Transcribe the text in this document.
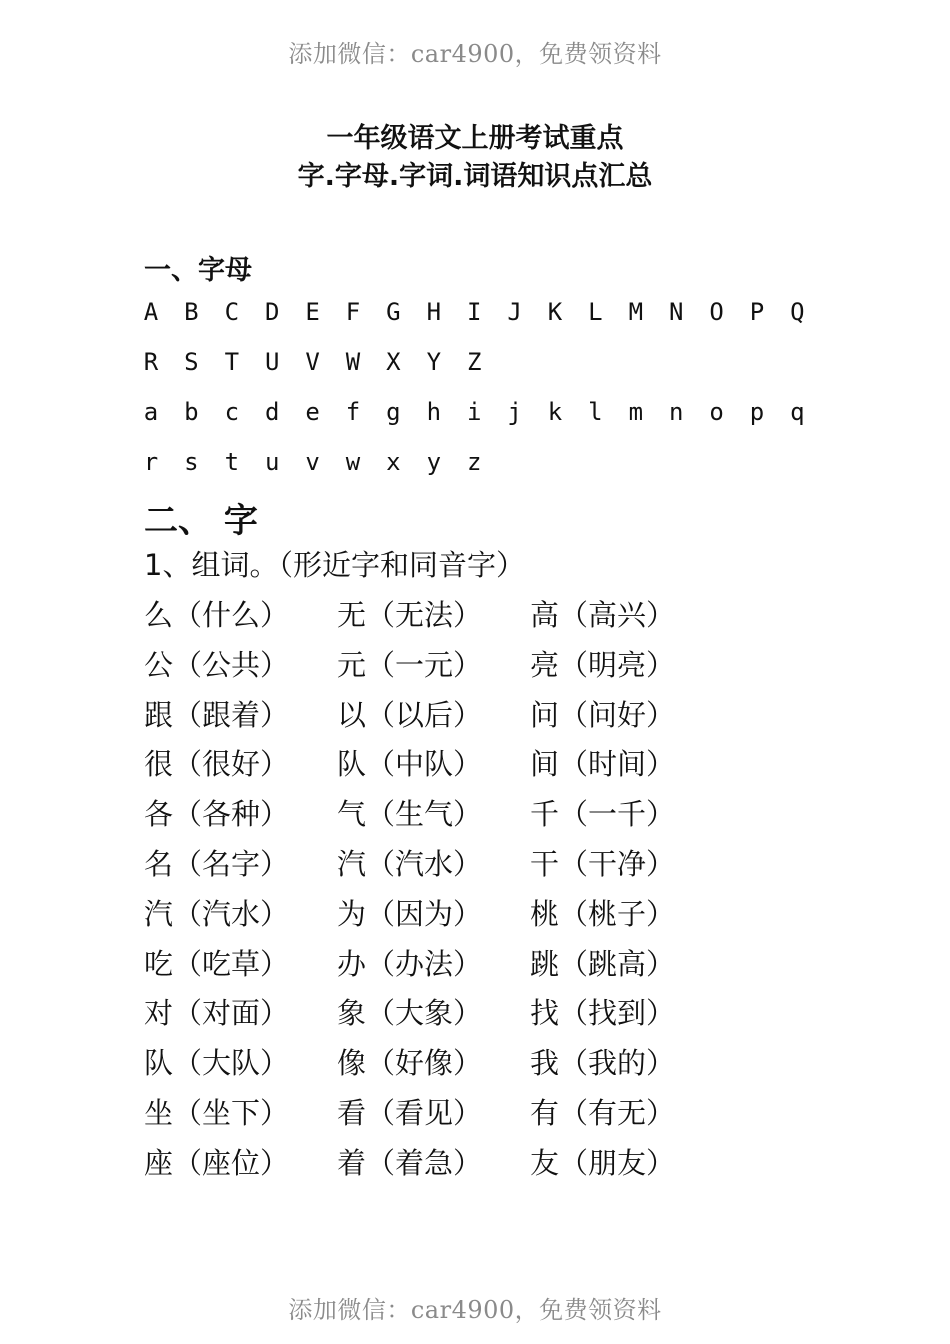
添加微信：car4900，免费领资料
一年级语文上册考试重点
字.字母.字词.词语知识点汇总
一、字母
A	B	C	D	E	F	G	H	I	J	K	L	M	N	O	P	Q
R	S	T	U	V	W	X	Y	Z
a	b	c	d	e	f	g	h	i	j	k	l	m	n	o	p	q
r	s	t	u	v	w	x	y	z
二、 字
1、组词。（形近字和同音字）
么（什么） 无（无法） 高（高兴）
公（公共） 元（一元） 亮（明亮）
跟（跟着） 以（以后） 问（问好）
很（很好） 队（中队） 间（时间）
各（各种） 气（生气） 千（一千）
名（名字） 汽（汽水） 干（干净）
汽（汽水） 为（因为） 桃（桃子）
吃（吃草） 办（办法） 跳（跳高）
对（对面） 象（大象） 找（找到）
队（大队） 像（好像） 我（我的）
坐（坐下） 看（看见） 有（有无）
座（座位） 着（着急） 友（朋友）
添加微信：car4900，免费领资料
